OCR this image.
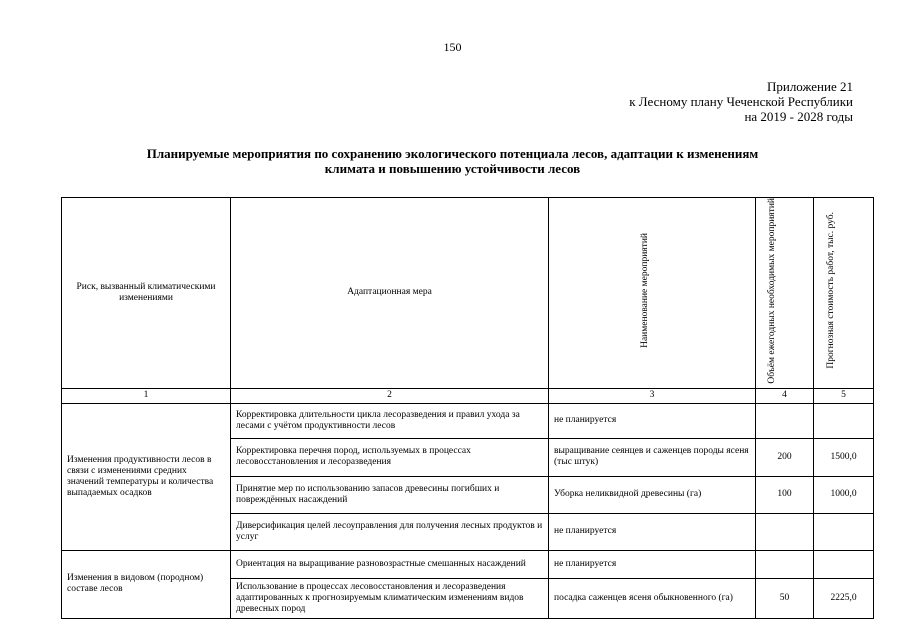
150
Приложение 21
к Лесному плану Чеченской Республики
на 2019 - 2028 годы
Планируемые мероприятия по сохранению экологического потенциала лесов, адаптации к изменениям
климата и повышению устойчивости лесов
Риск, вызванный климатическими изменениями	Адаптационная мера	Наименование мероприятий	Объём ежегодных необходимых мероприятий	Прогнозная стоимость работ, тыс. руб.
1	2	3	4	5
Изменения продуктивности лесов в связи с изменениями средних значений температуры и количества выпадаемых осадков	Корректировка длительности цикла лесоразведения и правил ухода за лесами с учётом продуктивности лесов	не планируется		
	Корректировка перечня пород, используемых в процессах лесовосстановления и лесоразведения	выращивание сеянцев и саженцев породы ясеня (тыс штук)	200	1500,0
	Принятие мер по использованию запасов древесины погибших и повреждённых насаждений	Уборка неликвидной древесины (га)	100	1000,0
	Диверсификация целей лесоуправления для получения лесных продуктов и услуг	не планируется		
Изменения в видовом (породном) составе лесов	Ориентация на выращивание разновозрастные смешанных насаждений	не планируется		
	Использование в процессах лесовосстановления и лесоразведения адаптированных к прогнозируемым климатическим изменениям видов древесных пород	посадка саженцев ясеня обыкновенного (га)	50	2225,0
